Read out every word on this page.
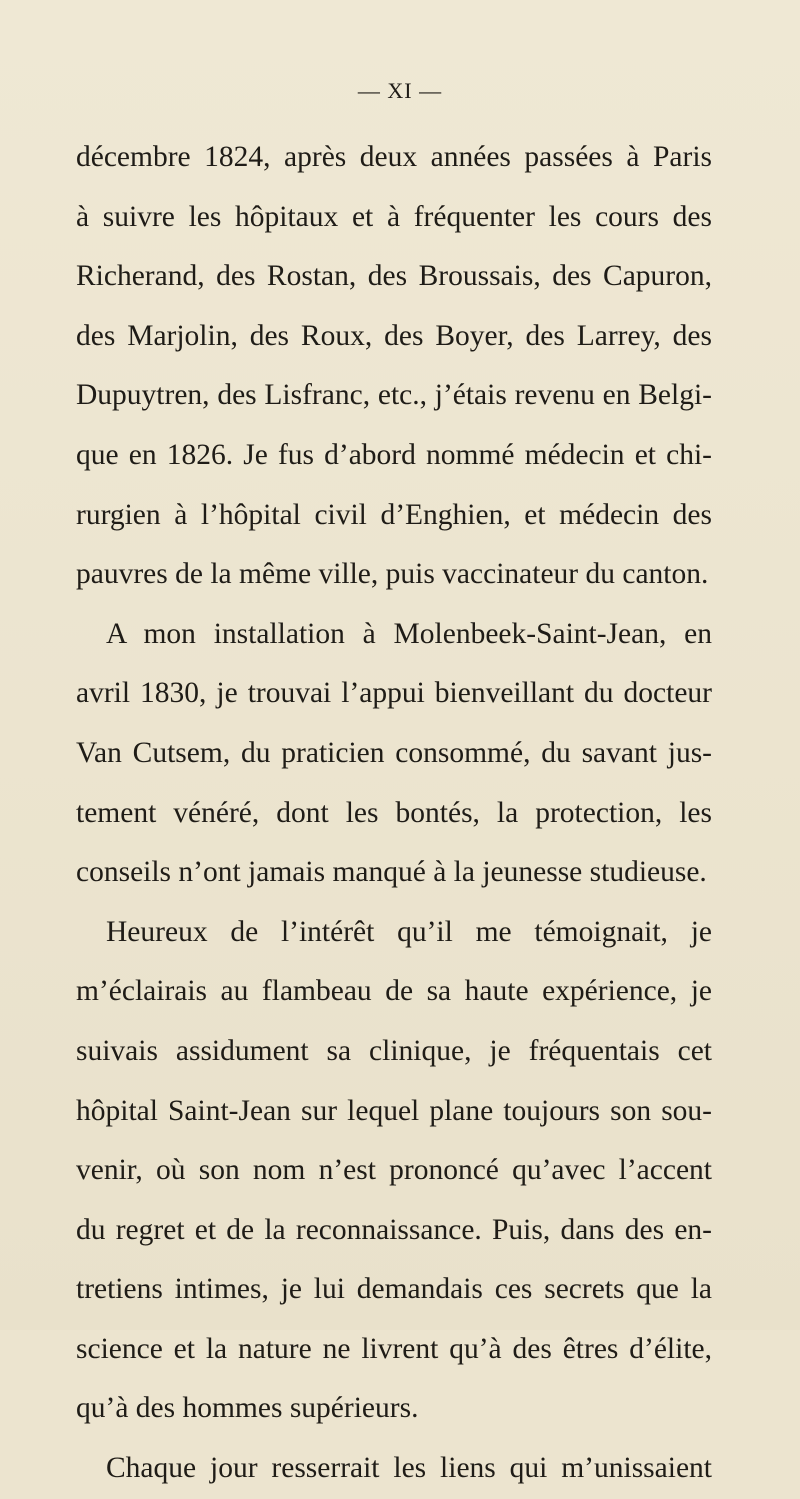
— XI —
décembre 1824, après deux années passées à Paris
à suivre les hôpitaux et à fréquenter les cours des
Richerand, des Rostan, des Broussais, des Capuron,
des Marjolin, des Roux, des Boyer, des Larrey, des
Dupuytren, des Lisfranc, etc., j’étais revenu en Belgi-
que en 1826. Je fus d’abord nommé médecin et chi-
rurgien à l’hôpital civil d’Enghien, et médecin des
pauvres de la même ville, puis vaccinateur du canton.
A mon installation à Molenbeek-Saint-Jean, en
avril 1830, je trouvai l’appui bienveillant du docteur
Van Cutsem, du praticien consommé, du savant jus-
tement vénéré, dont les bontés, la protection, les
conseils n’ont jamais manqué à la jeunesse studieuse.
Heureux de l’intérêt qu’il me témoignait, je
m’éclairais au flambeau de sa haute expérience, je
suivais assidument sa clinique, je fréquentais cet
hôpital Saint-Jean sur lequel plane toujours son sou-
venir, où son nom n’est prononcé qu’avec l’accent
du regret et de la reconnaissance. Puis, dans des en-
tretiens intimes, je lui demandais ces secrets que la
science et la nature ne livrent qu’à des êtres d’élite,
qu’à des hommes supérieurs.
Chaque jour resserrait les liens qui m’unissaient
